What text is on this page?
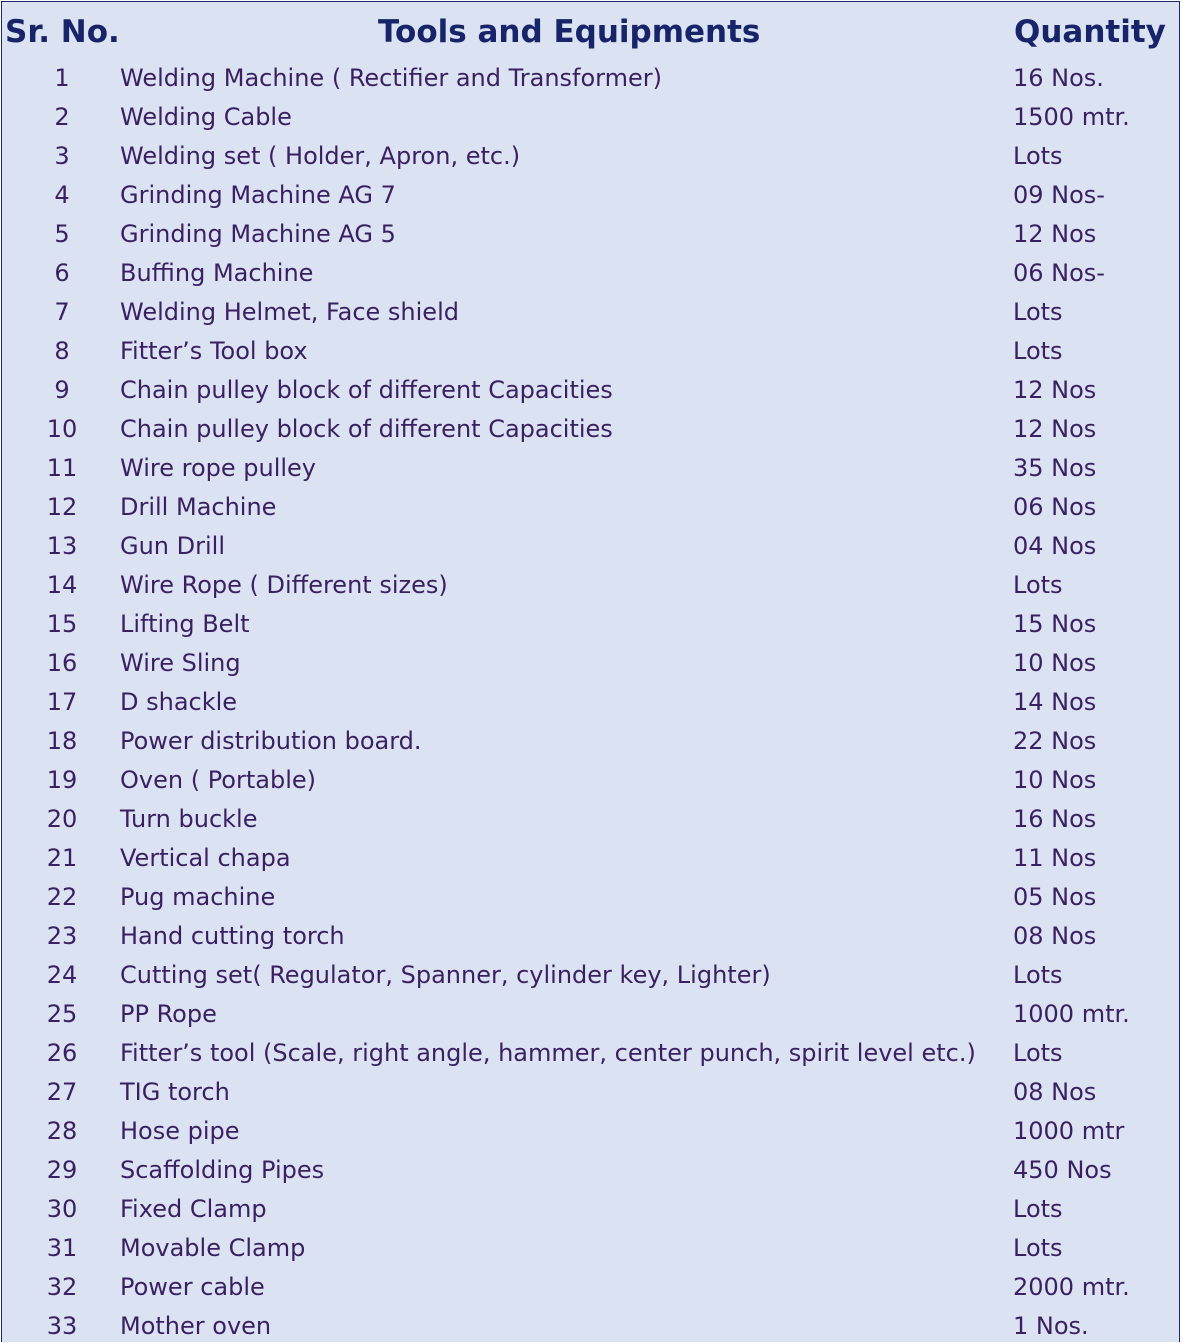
Sr. No.	Tools and Equipments	Quantity
1	Welding Machine ( Rectifier and Transformer)	16 Nos.
2	Welding Cable	1500 mtr.
3	Welding set ( Holder, Apron, etc.)	Lots
4	Grinding Machine AG 7	09 Nos-
5	Grinding Machine AG 5	12 Nos
6	Buffing Machine	06 Nos-
7	Welding Helmet, Face shield	Lots
8	Fitter’s Tool box	Lots
9	Chain pulley block of different Capacities	12 Nos
10	Chain pulley block of different Capacities	12 Nos
11	Wire rope pulley	35 Nos
12	Drill Machine	06 Nos
13	Gun Drill	04 Nos
14	Wire Rope ( Different sizes)	Lots
15	Lifting Belt	15 Nos
16	Wire Sling	10 Nos
17	D shackle	14 Nos
18	Power distribution board.	22 Nos
19	Oven ( Portable)	10 Nos
20	Turn buckle	16 Nos
21	Vertical chapa	11 Nos
22	Pug machine	05 Nos
23	Hand cutting torch	08 Nos
24	Cutting set( Regulator, Spanner, cylinder key, Lighter)	Lots
25	PP Rope	1000 mtr.
26	Fitter’s tool (Scale, right angle, hammer, center punch, spirit level etc.) Lots
27	TIG torch	08 Nos
28	Hose pipe	1000 mtr
29	Scaffolding Pipes	450 Nos
30	Fixed Clamp	Lots
31	Movable Clamp	Lots
32	Power cable	2000 mtr.
33	Mother oven	1 Nos.
